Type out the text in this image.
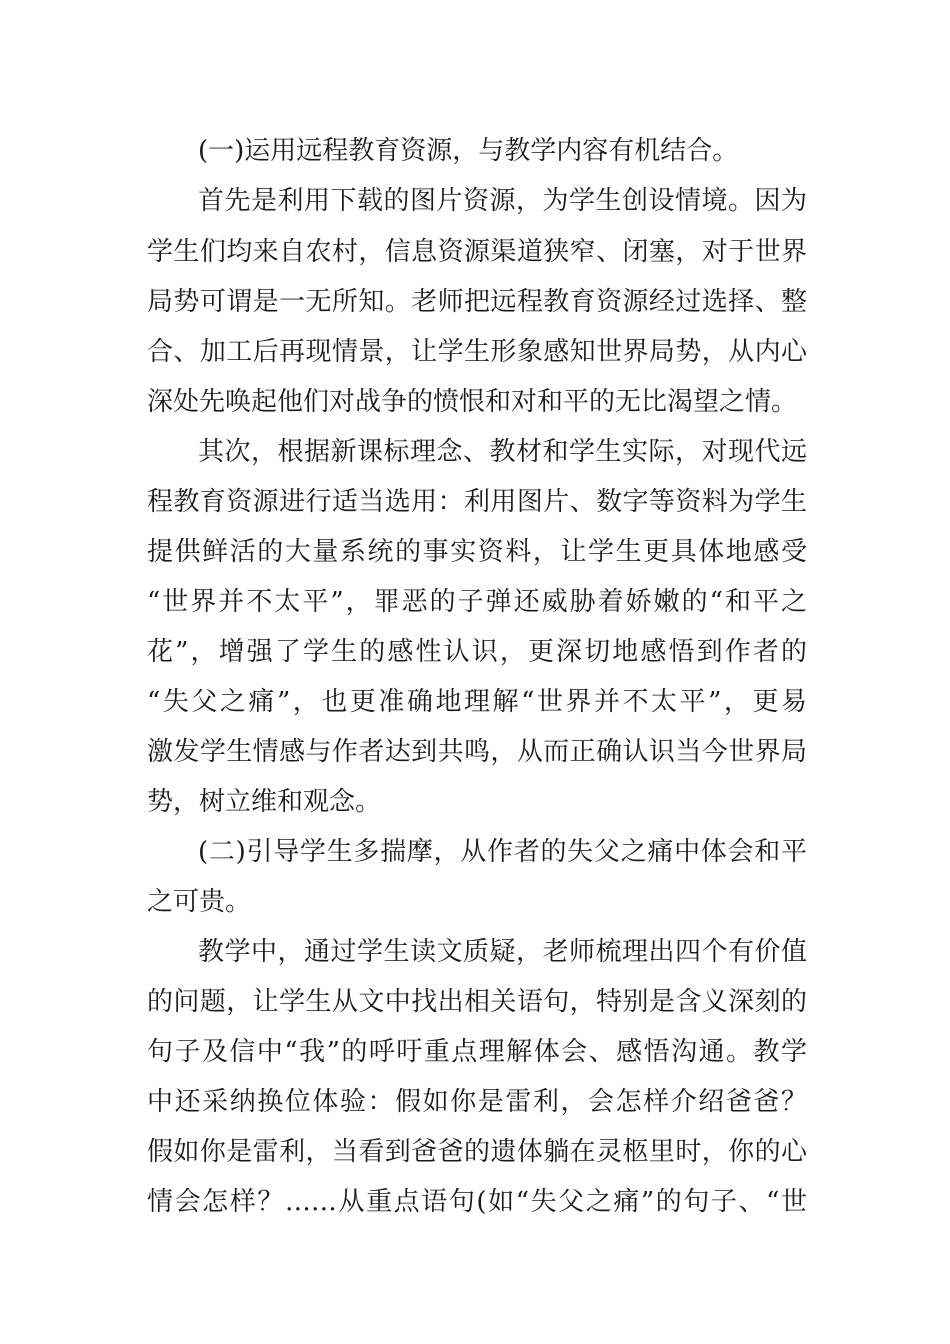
(一)运用远程教育资源，与教学内容有机结合。
首先是利用下载的图片资源，为学生创设情境。因为
学生们均来自农村，信息资源渠道狭窄、闭塞，对于世界
局势可谓是一无所知。老师把远程教育资源经过选择、整
合、加工后再现情景，让学生形象感知世界局势，从内心
深处先唤起他们对战争的愤恨和对和平的无比渴望之情。
其次，根据新课标理念、教材和学生实际，对现代远
程教育资源进行适当选用：利用图片、数字等资料为学生
提供鲜活的大量系统的事实资料，让学生更具体地感受
“世界并不太平”，罪恶的子弹还威胁着娇嫩的“和平之
花”，增强了学生的感性认识，更深切地感悟到作者的
“失父之痛”，也更准确地理解“世界并不太平”，更易
激发学生情感与作者达到共鸣，从而正确认识当今世界局
势，树立维和观念。
(二)引导学生多揣摩，从作者的失父之痛中体会和平
之可贵。
教学中，通过学生读文质疑，老师梳理出四个有价值
的问题，让学生从文中找出相关语句，特别是含义深刻的
句子及信中“我”的呼吁重点理解体会、感悟沟通。教学
中还采纳换位体验：假如你是雷利，会怎样介绍爸爸？
假如你是雷利，当看到爸爸的遗体躺在灵柩里时，你的心
情会怎样？……从重点语句(如“失父之痛”的句子、“世
